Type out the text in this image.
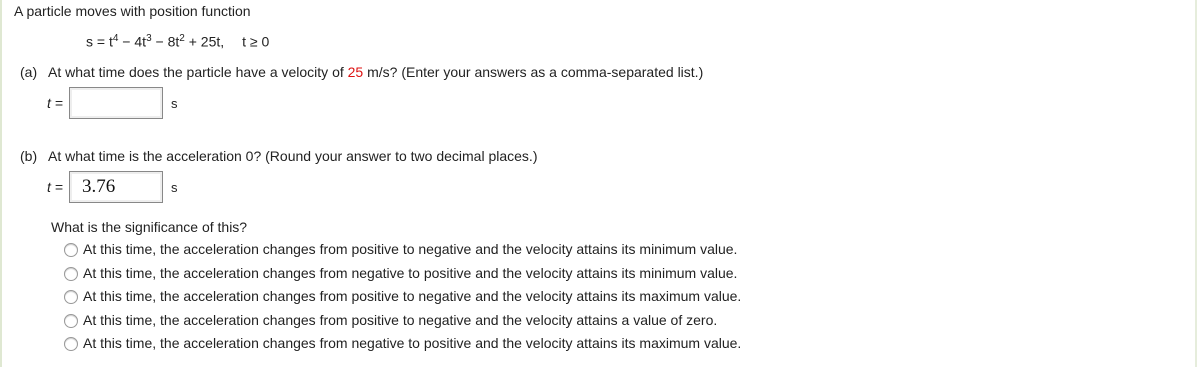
A particle moves with position function
$s = t^4 - 4t^3 - 8t^2 + 25t$, t ≥ 0
(a) At what time does the particle have a velocity of 25 m/s? (Enter your answers as a comma-separated list.)
t =	s
(b) At what time is the acceleration 0? (Round your answer to two decimal places.)
t = 3.76	s
What is the significance of this?
At this time, the acceleration changes from positive to negative and the velocity attains its minimum value.
At this time, the acceleration changes from negative to positive and the velocity attains its minimum value.
At this time, the acceleration changes from positive to negative and the velocity attains its maximum value.
At this time, the acceleration changes from positive to negative and the velocity attains a value of zero.
At this time, the acceleration changes from negative to positive and the velocity attains its maximum value.
